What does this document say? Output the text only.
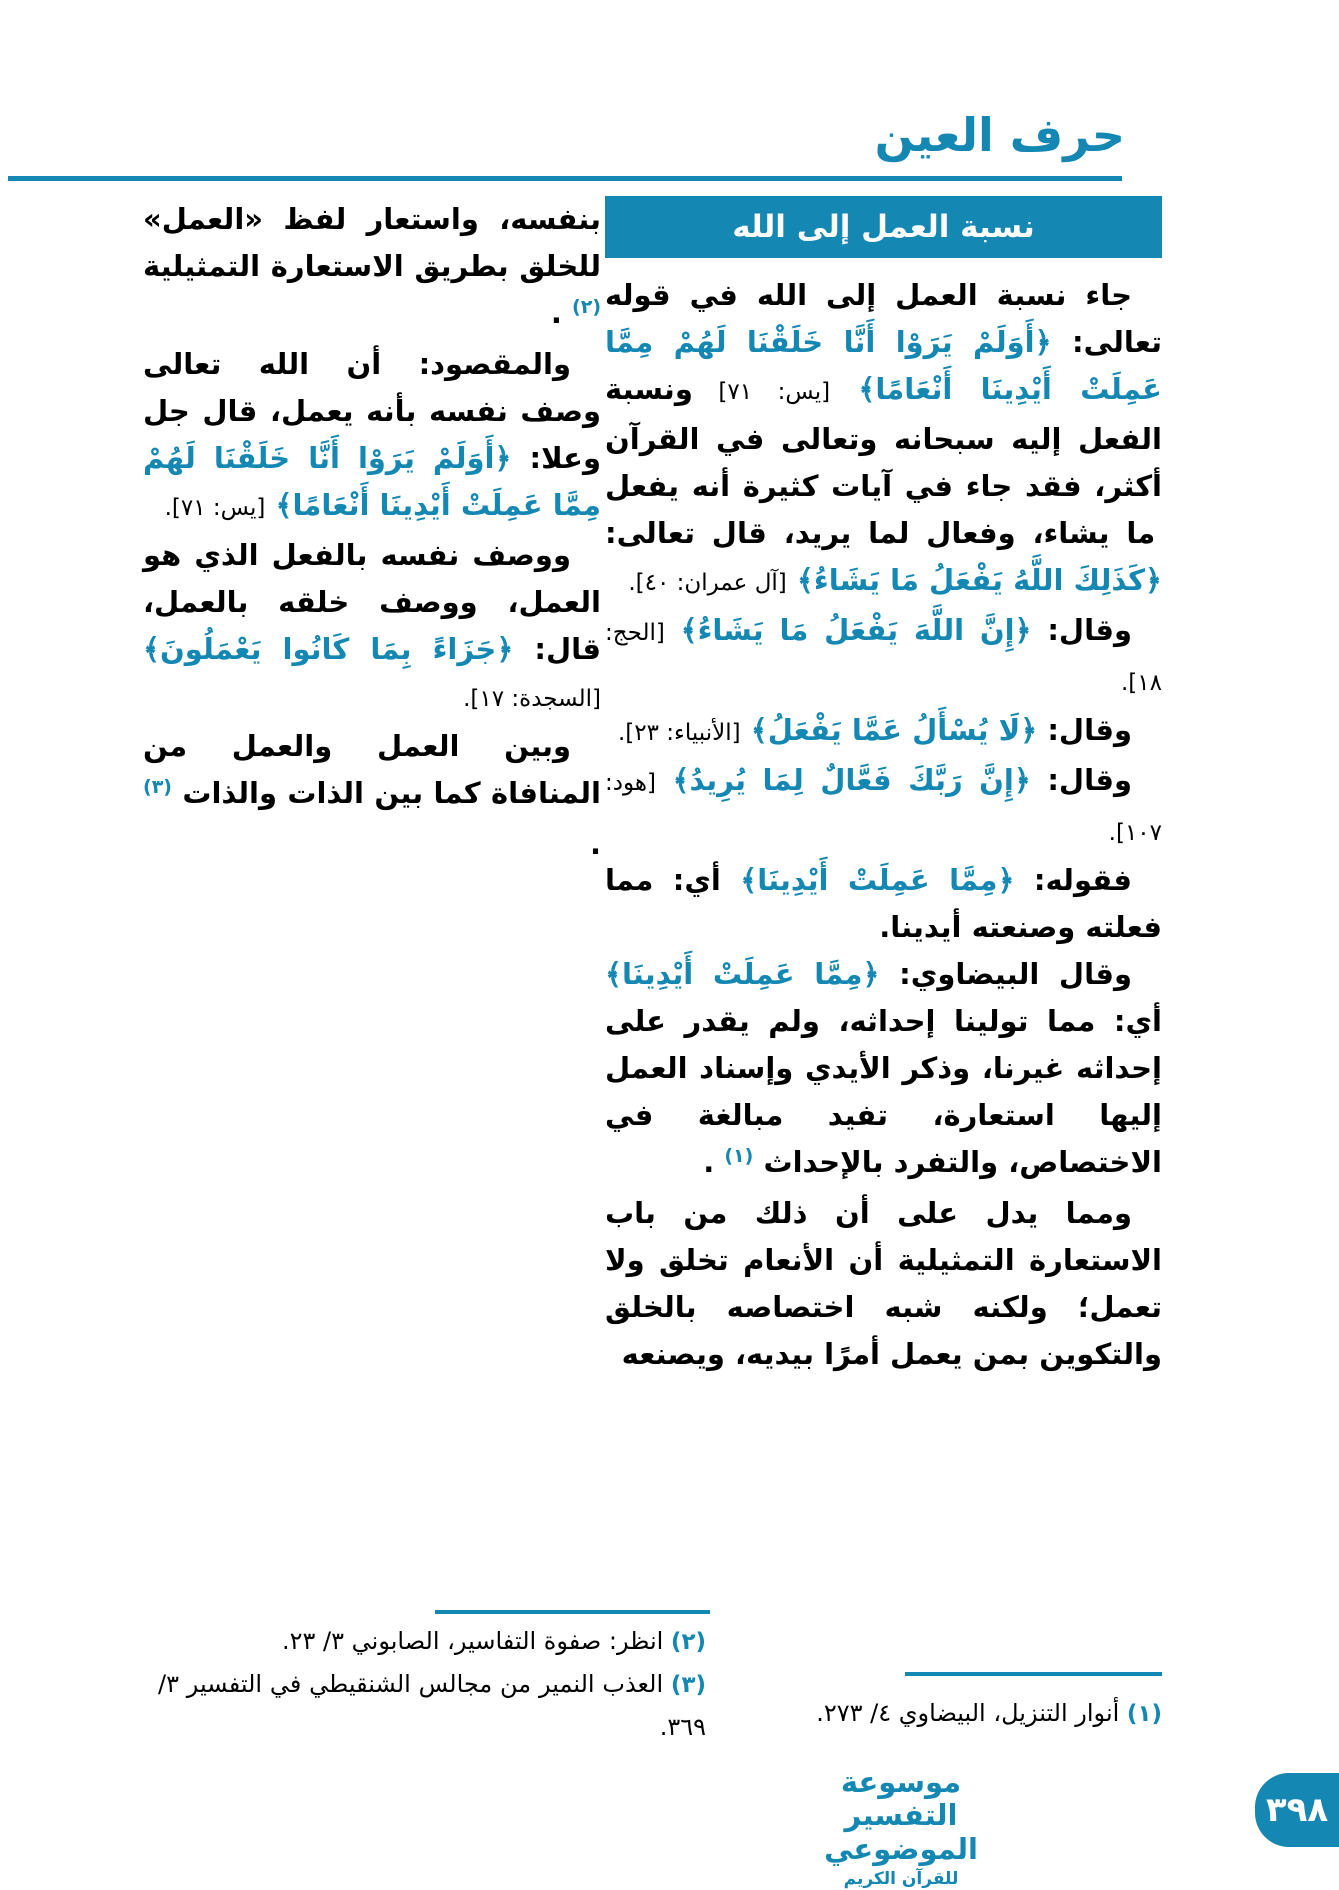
حرف العين
نسبة العمل إلى الله

جاء نسبة العمل إلى الله في قوله تعالى: ﴿أَوَلَمْ يَرَوْا أَنَّا خَلَقْنَا لَهُمْ مِمَّا عَمِلَتْ أَيْدِينَا أَنْعَامًا﴾ [يس: ٧١] ونسبة الفعل إليه سبحانه وتعالى في القرآن أكثر، فقد جاء في آيات كثيرة أنه يفعل ما يشاء، وفعال لما يريد، قال تعالى: ﴿كَذَلِكَ اللَّهُ يَفْعَلُ مَا يَشَاءُ﴾ [آل عمران: ٤٠].

وقال: ﴿إِنَّ اللَّهَ يَفْعَلُ مَا يَشَاءُ﴾ [الحج: ١٨].

وقال: ﴿لَا يُسْأَلُ عَمَّا يَفْعَلُ﴾ [الأنبياء: ٢٣].

وقال: ﴿إِنَّ رَبَّكَ فَعَّالٌ لِمَا يُرِيدُ﴾ [هود: ١٠٧].

فقوله: ﴿مِمَّا عَمِلَتْ أَيْدِينَا﴾ أي: مما فعلته وصنعته أيدينا.

وقال البيضاوي: ﴿مِمَّا عَمِلَتْ أَيْدِينَا﴾ أي: مما تولينا إحداثه، ولم يقدر على إحداثه غيرنا، وذكر الأيدي وإسناد العمل إليها استعارة، تفيد مبالغة في الاختصاص، والتفرد بالإحداث $^{(١)}$ .

ومما يدل على أن ذلك من باب الاستعارة التمثيلية أن الأنعام تخلق ولا تعمل؛ ولكنه شبه اختصاصه بالخلق والتكوين بمن يعمل أمرًا بيديه، ويصنعه

بنفسه، واستعار لفظ «العمل» للخلق بطريق الاستعارة التمثيلية $^{(٢)}$ .

والمقصود: أن الله تعالى وصف نفسه بأنه يعمل، قال جل وعلا: ﴿أَوَلَمْ يَرَوْا أَنَّا خَلَقْنَا لَهُمْ مِمَّا عَمِلَتْ أَيْدِينَا أَنْعَامًا﴾ [يس: ٧١].

ووصف نفسه بالفعل الذي هو العمل، ووصف خلقه بالعمل، قال: ﴿جَزَاءً بِمَا كَانُوا يَعْمَلُونَ﴾ [السجدة: ١٧].

وبين العمل والعمل من المنافاة كما بين الذات والذات $^{(٣)}$ .

(١) أنوار التنزيل، البيضاوي ٤/ ٢٧٣.
(٢) انظر: صفوة التفاسير، الصابوني ٣/ ٢٣.
(٣) العذب النمير من مجالس الشنقيطي في التفسير ٣/ ٣٦٩.
موسوعة التفسير الموضوعي
للقرآن الكريم
٣٩٨
